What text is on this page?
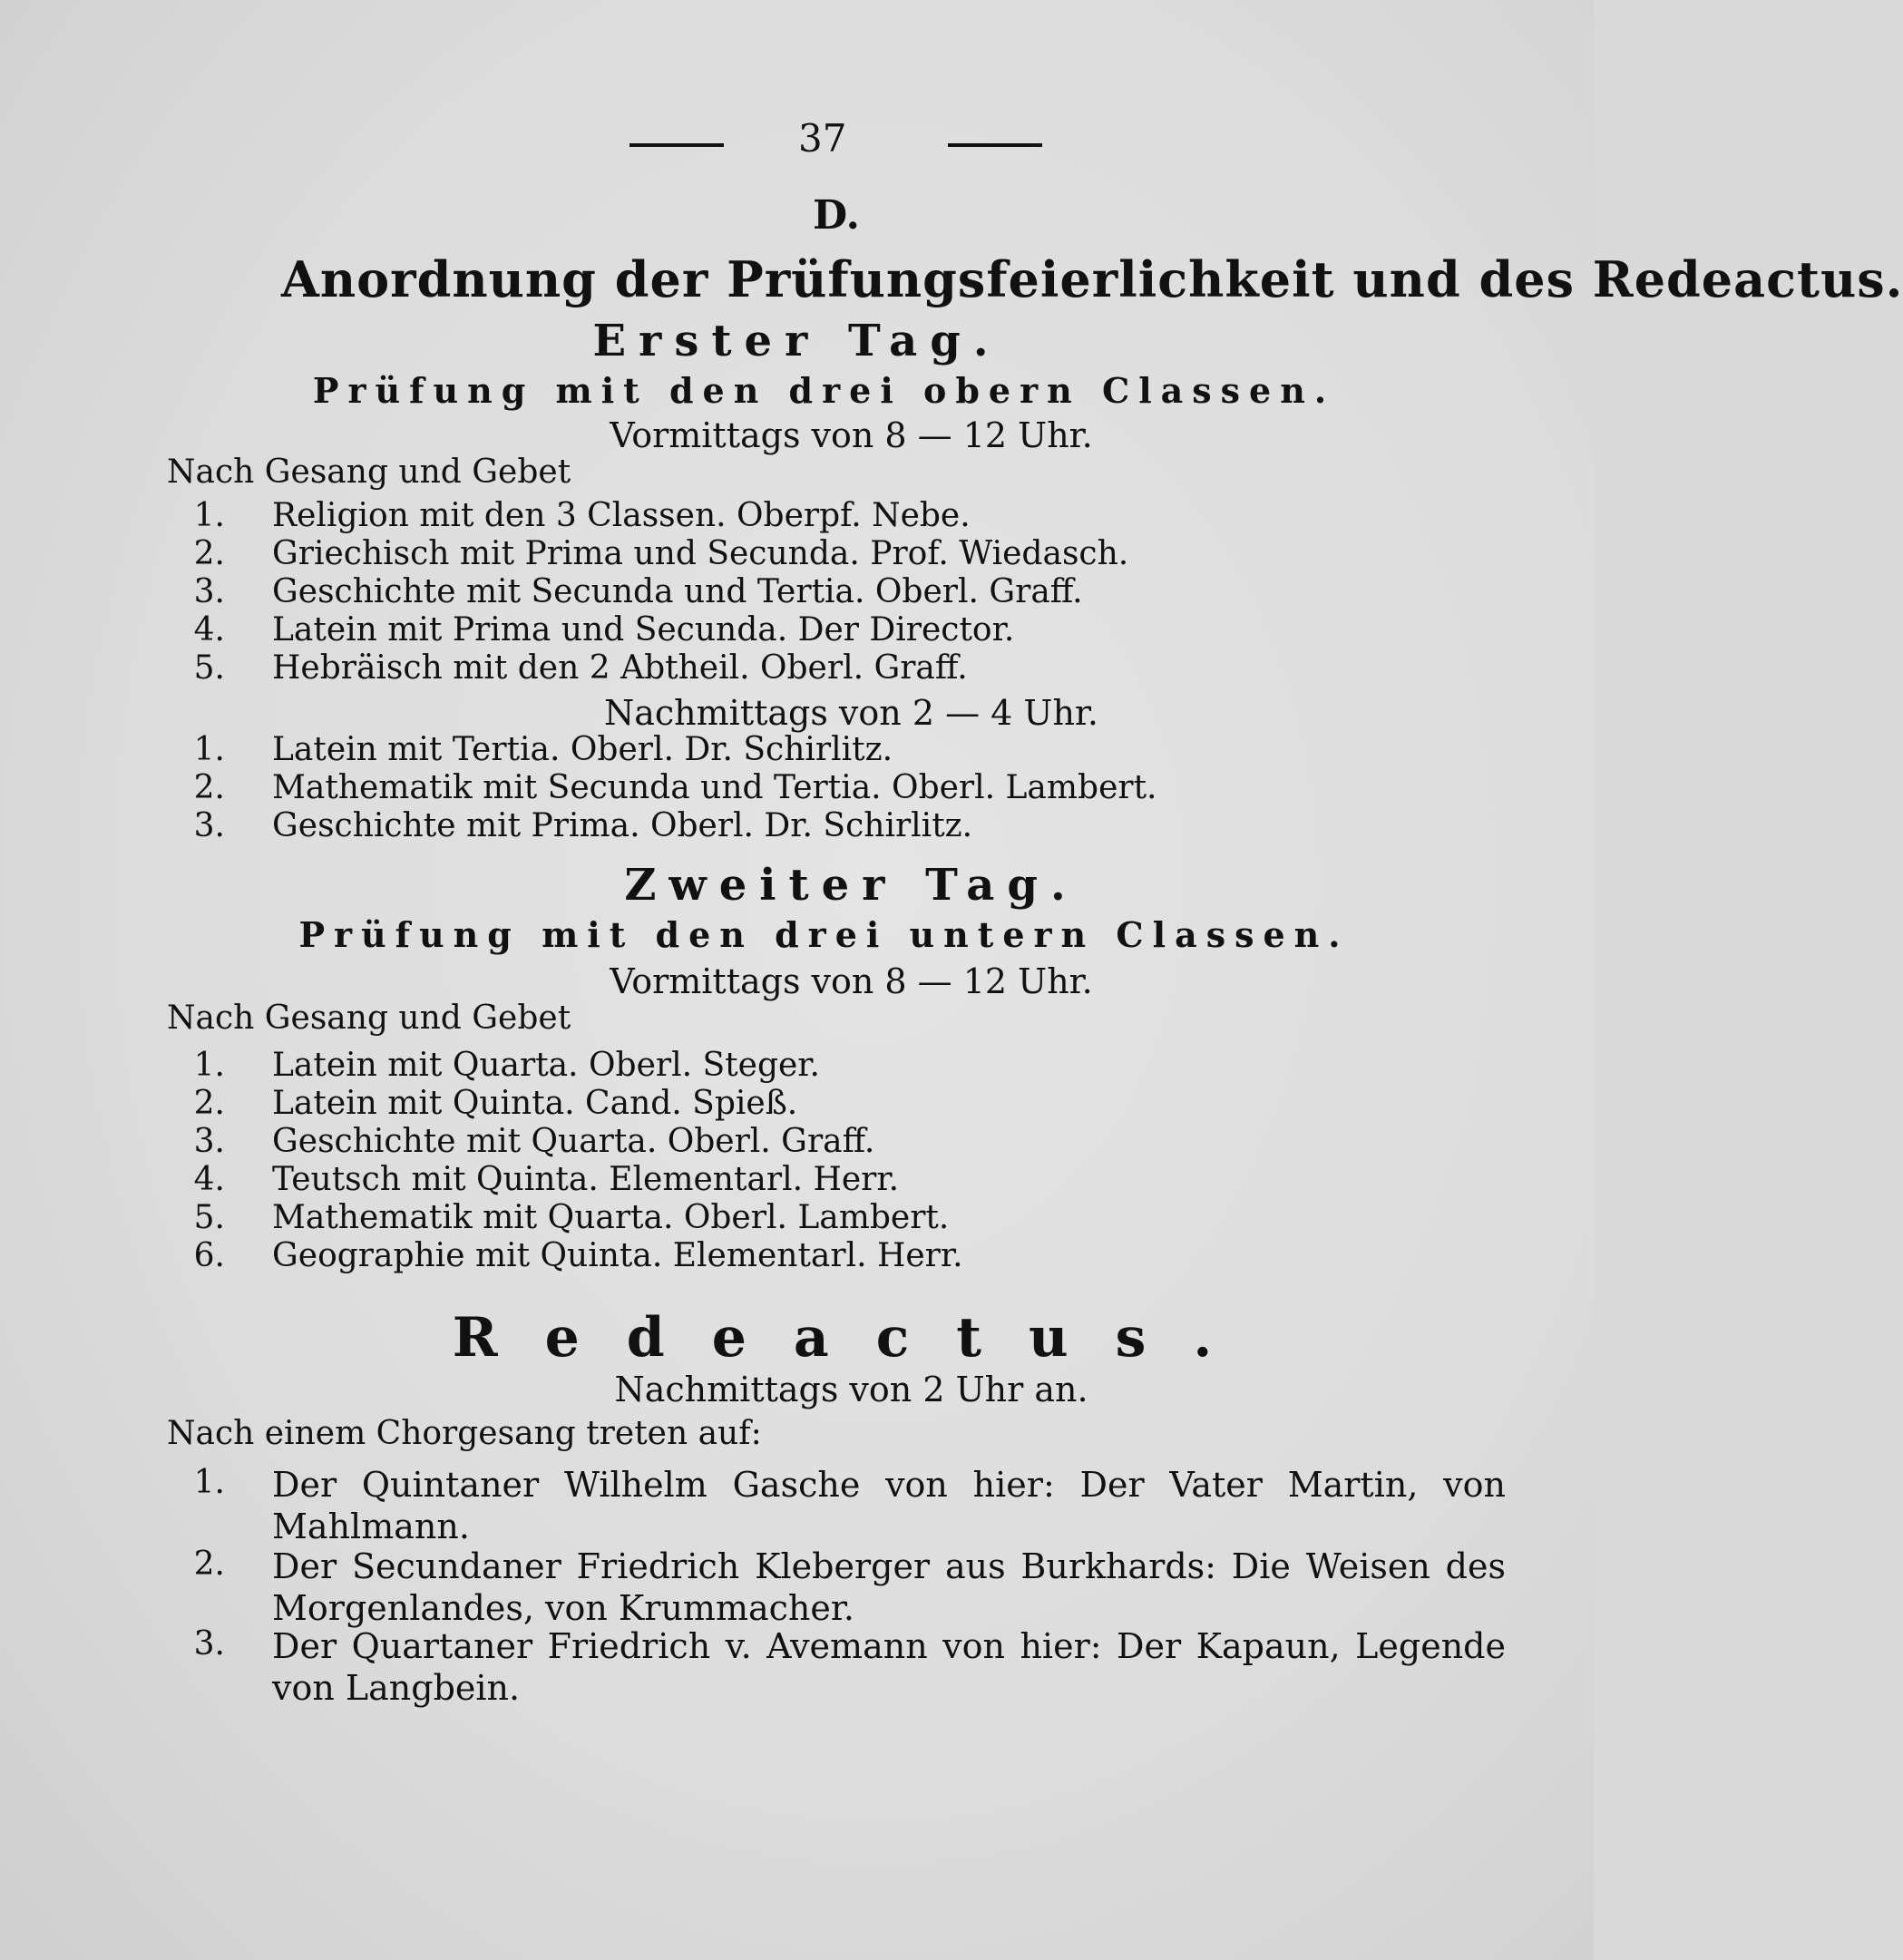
37
D.
Anordnung der Prüfungsfeierlichkeit und des Redeactus.
Erster Tag.
Prüfung mit den drei obern Classen.
Vormittags von 8 — 12 Uhr.
Nach Gesang und Gebet
1. Religion mit den 3 Classen. Oberpf. Nebe.
2. Griechisch mit Prima und Secunda. Prof. Wiedasch.
3. Geschichte mit Secunda und Tertia. Oberl. Graff.
4. Latein mit Prima und Secunda. Der Director.
5. Hebräisch mit den 2 Abtheil. Oberl. Graff.
Nachmittags von 2 — 4 Uhr.
1. Latein mit Tertia. Oberl. Dr. Schirlitz.
2. Mathematik mit Secunda und Tertia. Oberl. Lambert.
3. Geschichte mit Prima. Oberl. Dr. Schirlitz.
Zweiter Tag.
Prüfung mit den drei untern Classen.
Vormittags von 8 — 12 Uhr.
Nach Gesang und Gebet
1. Latein mit Quarta. Oberl. Steger.
2. Latein mit Quinta. Cand. Spieß.
3. Geschichte mit Quarta. Oberl. Graff.
4. Teutsch mit Quinta. Elementarl. Herr.
5. Mathematik mit Quarta. Oberl. Lambert.
6. Geographie mit Quinta. Elementarl. Herr.
Redeactus.
Nachmittags von 2 Uhr an.
Nach einem Chorgesang treten auf:
1. Der Quintaner Wilhelm Gasche von hier: Der Vater Martin, von Mahlmann.
2. Der Secundaner Friedrich Kleberger aus Burkhards: Die Weisen des Morgenlandes, von Krummacher.
3. Der Quartaner Friedrich v. Avemann von hier: Der Kapaun, Legende von Langbein.
